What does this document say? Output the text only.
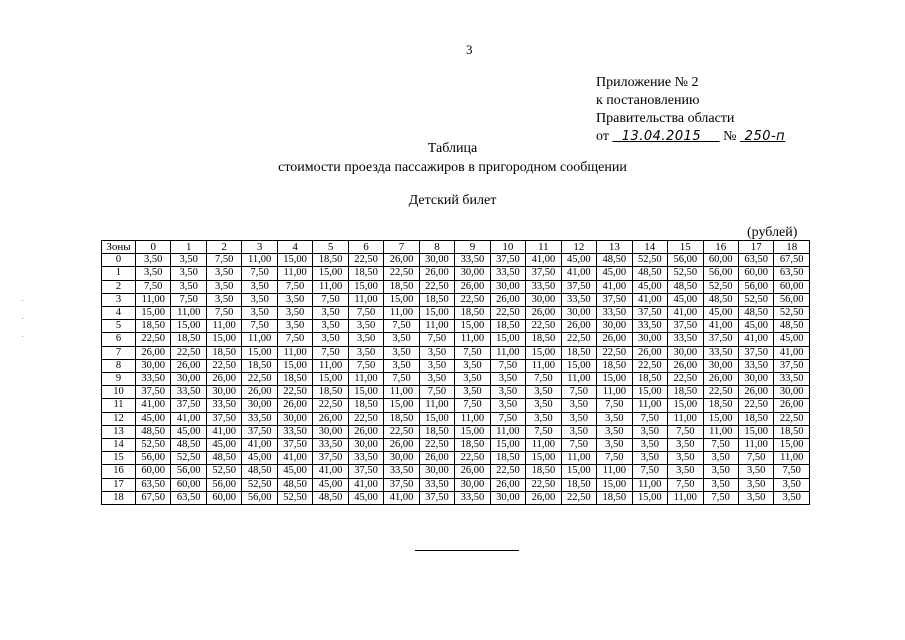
3
Приложение № 2
к постановлению
Правительства области
от 13.04.2015 № 250-п
Таблица
стоимости проезда пассажиров в пригородном сообщении
Детский билет
(рублей)
Зоны	0	1	2	3	4	5	6	7	8	9	10	11	12	13	14	15	16	17	18
0	3,50	3,50	7,50	11,00	15,00	18,50	22,50	26,00	30,00	33,50	37,50	41,00	45,00	48,50	52,50	56,00	60,00	63,50	67,50
1	3,50	3,50	3,50	7,50	11,00	15,00	18,50	22,50	26,00	30,00	33,50	37,50	41,00	45,00	48,50	52,50	56,00	60,00	63,50
2	7,50	3,50	3,50	3,50	7,50	11,00	15,00	18,50	22,50	26,00	30,00	33,50	37,50	41,00	45,00	48,50	52,50	56,00	60,00
3	11,00	7,50	3,50	3,50	3,50	7,50	11,00	15,00	18,50	22,50	26,00	30,00	33,50	37,50	41,00	45,00	48,50	52,50	56,00
4	15,00	11,00	7,50	3,50	3,50	3,50	7,50	11,00	15,00	18,50	22,50	26,00	30,00	33,50	37,50	41,00	45,00	48,50	52,50
5	18,50	15,00	11,00	7,50	3,50	3,50	3,50	7,50	11,00	15,00	18,50	22,50	26,00	30,00	33,50	37,50	41,00	45,00	48,50
6	22,50	18,50	15,00	11,00	7,50	3,50	3,50	3,50	7,50	11,00	15,00	18,50	22,50	26,00	30,00	33,50	37,50	41,00	45,00
7	26,00	22,50	18,50	15,00	11,00	7,50	3,50	3,50	3,50	7,50	11,00	15,00	18,50	22,50	26,00	30,00	33,50	37,50	41,00
8	30,00	26,00	22,50	18,50	15,00	11,00	7,50	3,50	3,50	3,50	7,50	11,00	15,00	18,50	22,50	26,00	30,00	33,50	37,50
9	33,50	30,00	26,00	22,50	18,50	15,00	11,00	7,50	3,50	3,50	3,50	7,50	11,00	15,00	18,50	22,50	26,00	30,00	33,50
10	37,50	33,50	30,00	26,00	22,50	18,50	15,00	11,00	7,50	3,50	3,50	3,50	7,50	11,00	15,00	18,50	22,50	26,00	30,00
11	41,00	37,50	33,50	30,00	26,00	22,50	18,50	15,00	11,00	7,50	3,50	3,50	3,50	7,50	11,00	15,00	18,50	22,50	26,00
12	45,00	41,00	37,50	33,50	30,00	26,00	22,50	18,50	15,00	11,00	7,50	3,50	3,50	3,50	7,50	11,00	15,00	18,50	22,50
13	48,50	45,00	41,00	37,50	33,50	30,00	26,00	22,50	18,50	15,00	11,00	7,50	3,50	3,50	3,50	7,50	11,00	15,00	18,50
14	52,50	48,50	45,00	41,00	37,50	33,50	30,00	26,00	22,50	18,50	15,00	11,00	7,50	3,50	3,50	3,50	7,50	11,00	15,00
15	56,00	52,50	48,50	45,00	41,00	37,50	33,50	30,00	26,00	22,50	18,50	15,00	11,00	7,50	3,50	3,50	3,50	7,50	11,00
16	60,00	56,00	52,50	48,50	45,00	41,00	37,50	33,50	30,00	26,00	22,50	18,50	15,00	11,00	7,50	3,50	3,50	3,50	7,50
17	63,50	60,00	56,00	52,50	48,50	45,00	41,00	37,50	33,50	30,00	26,00	22,50	18,50	15,00	11,00	7,50	3,50	3,50	3,50
18	67,50	63,50	60,00	56,00	52,50	48,50	45,00	41,00	37,50	33,50	30,00	26,00	22,50	18,50	15,00	11,00	7,50	3,50	3,50
